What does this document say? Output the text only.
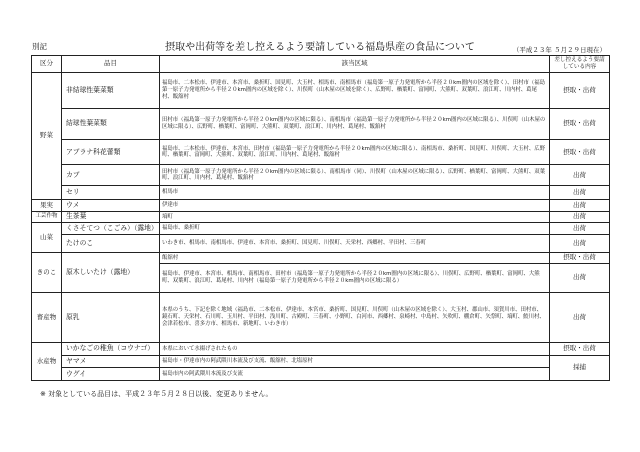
別記	摂取や出荷等を差し控えるよう要請している福島県産の食品について	（平成２３年 ５月２９日現在）
区分	品目	該当区域	差し控えるよう要請している内容
野菜	非結球性葉菜類	福島市、二本松市、伊達市、本宮市、桑折町、国見町、大玉村、相馬市、南相馬市（福島第一原子力発電所から半径２０km圏内の区域を除く）、田村市（福島第一原子力発電所から半径２０km圏内の区域を除く）、川俣町（山木屋の区域を除く）、広野町、楢葉町、富岡町、大熊町、双葉町、浪江町、川内村、葛尾村、飯舘村	摂取・出荷
	結球性葉菜類	田村市（福島第一原子力発電所から半径２０km圏内の区域に限る）、南相馬市（福島第一原子力発電所から半径２０km圏内の区域に限る）、川俣町（山木屋の区域に限る）、広野町、楢葉町、富岡町、大熊町、双葉町、浪江町、川内村、葛尾村、飯舘村	摂取・出荷
	アブラナ科花蕾類	福島市、二本松市、伊達市、本宮市、田村市（福島第一原子力発電所から半径２０km圏内の区域に限る）、南相馬市、桑折町、国見町、川俣町、大玉村、広野町、楢葉町、富岡町、大熊町、双葉町、浪江町、川内村、葛尾村、飯舘村	摂取・出荷
	カブ	田村市（福島第一原子力発電所から半径２０km圏内の区域に限る）、南相馬市（同）、川俣町（山木屋の区域に限る）、広野町、楢葉町、富岡町、大熊町、双葉町、浪江町、川内村、葛尾村、飯舘村	出荷
	セリ	相馬市	出荷
果実	ウメ	伊達市	出荷
工芸作物	生茶葉	塙町	出荷
山菜	くさそてつ（こごみ）（露地）	福島市、桑折町	出荷
	たけのこ	いわき市、相馬市、南相馬市、伊達市、本宮市、桑折町、国見町、川俣町、天栄村、西郷村、平田村、三春町	出荷
きのこ	原木しいたけ（露地）	飯舘村	摂取・出荷
		福島市、伊達市、本宮市、相馬市、南相馬市、田村市（福島第一原子力発電所から半径２０km圏内の区域に限る）、川俣町、広野町、楢葉町、富岡町、大熊町、双葉町、浪江町、葛尾村、川内村（福島第一原子力発電所から半径２０km圏内の区域に限る）	出荷
畜産物	原乳	本県のうち、下記を除く地域（福島市、二本松市、伊達市、本宮市、桑折町、国見町、川俣町（山木屋の区域を除く）、大玉村、郡山市、須賀川市、田村市、鏡石町、天栄村、石川町、玉川村、平田村、浅川町、古殿町、三春町、小野町、白河市、西郷村、泉崎村、中島村、矢吹町、棚倉町、矢祭町、塙町、鮫川村、会津若松市、喜多方市、相馬市、新地町、いわき市）	出荷
水産物	いかなごの稚魚（コウナゴ）	本県において水揚げされたもの	摂取・出荷
	ヤマメ	福島市・伊達市内の阿武隈川本流及び支流、飯舘村、北塩原村	採捕
	ウグイ	福島市内の阿武隈川本流及び支流	
※ 対象としている品目は、平成２３年５月２８日以後、変更ありません。
